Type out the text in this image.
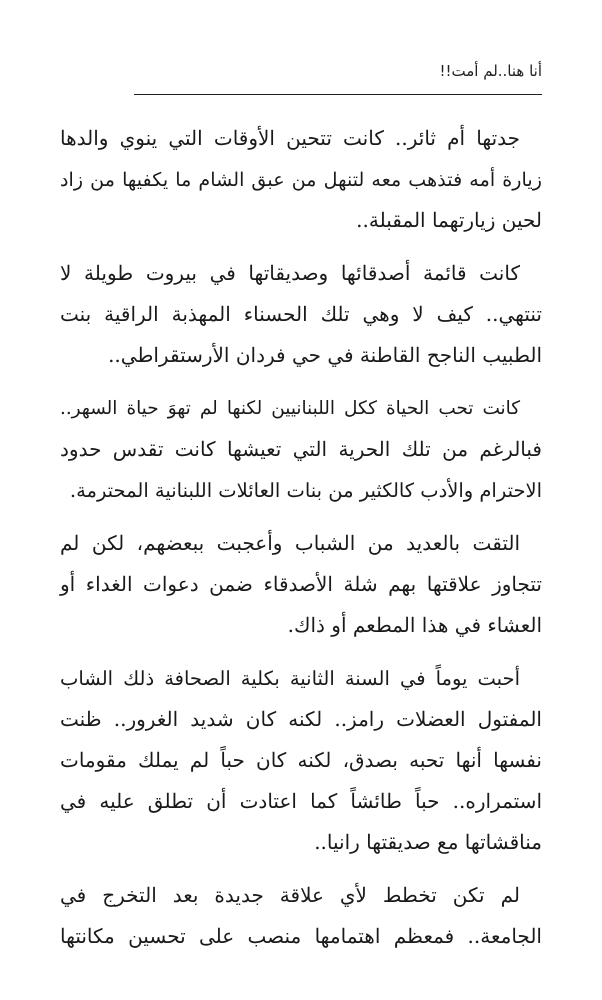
أنا هنا..لم أمت!!

جدتها أم ثائر.. كانت تتحين الأوقات التي ينوي والدها
زيارة أمه فتذهب معه لتنهل من عبق الشام ما يكفيها من زاد
لحين زيارتهما المقبلة..

كانت قائمة أصدقائها وصديقاتها في بيروت طويلة لا
تنتهي.. كيف لا وهي تلك الحسناء المهذبة الراقية بنت
الطبيب الناجح القاطنة في حي فردان الأرستقراطي..

كانت تحب الحياة ككل اللبنانيين لكنها لم تهوَ حياة السهر..
فبالرغم من تلك الحرية التي تعيشها كانت تقدس حدود
الاحترام والأدب كالكثير من بنات العائلات اللبنانية المحترمة.

التقت بالعديد من الشباب وأعجبت ببعضهم، لكن لم
تتجاوز علاقتها بهم شلة الأصدقاء ضمن دعوات الغداء أو
العشاء في هذا المطعم أو ذاك.

أحبت يوماً في السنة الثانية بكلية الصحافة ذلك الشاب
المفتول العضلات رامز.. لكنه كان شديد الغرور.. ظنت
نفسها أنها تحبه بصدق، لكنه كان حباً لم يملك مقومات
استمراره.. حباً طائشاً كما اعتادت أن تطلق عليه في
مناقشاتها مع صديقتها رانيا..

لم تكن تخطط لأي علاقة جديدة بعد التخرج في
الجامعة.. فمعظم اهتمامها منصب على تحسين مكانتها
